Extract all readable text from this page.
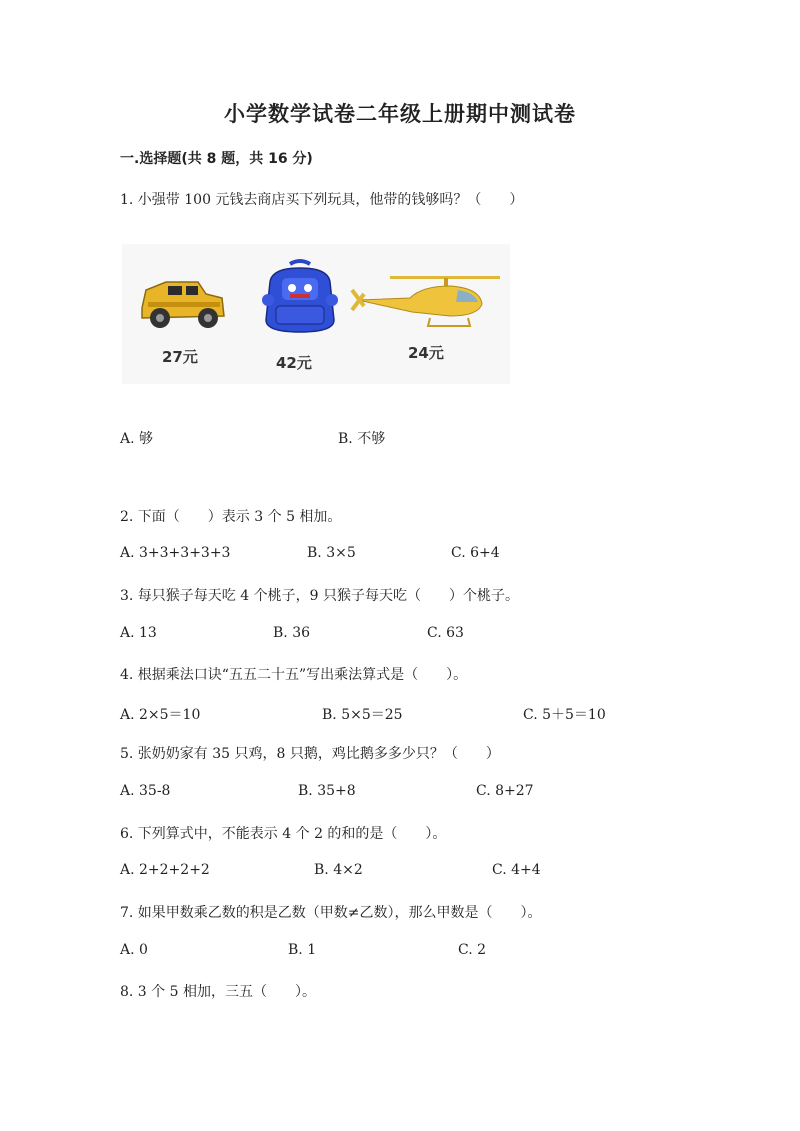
小学数学试卷二年级上册期中测试卷
一.选择题(共 8 题，共 16 分)
1. 小强带 100 元钱去商店买下列玩具，他带的钱够吗？（　　）
27元	42元
24元
A. 够	B. 不够
2. 下面（　　）表示 3 个 5 相加。
A. 3+3+3+3+3	B. 3×5	C. 6+4
3. 每只猴子每天吃 4 个桃子，9 只猴子每天吃（　　）个桃子。
A. 13	B. 36	C. 63
4. 根据乘法口诀“五五二十五”写出乘法算式是（　　）。
A. 2×5＝10	B. 5×5＝25	C. 5＋5＝10
5. 张奶奶家有 35 只鸡，8 只鹅，鸡比鹅多多少只？（　　）
A. 35-8	B. 35+8	C. 8+27
6. 下列算式中，不能表示 4 个 2 的和的是（　　）。
A. 2+2+2+2	B. 4×2	C. 4+4
7. 如果甲数乘乙数的积是乙数（甲数≠乙数），那么甲数是（　　）。
A. 0	B. 1	C. 2
8. 3 个 5 相加，三五（　　）。
